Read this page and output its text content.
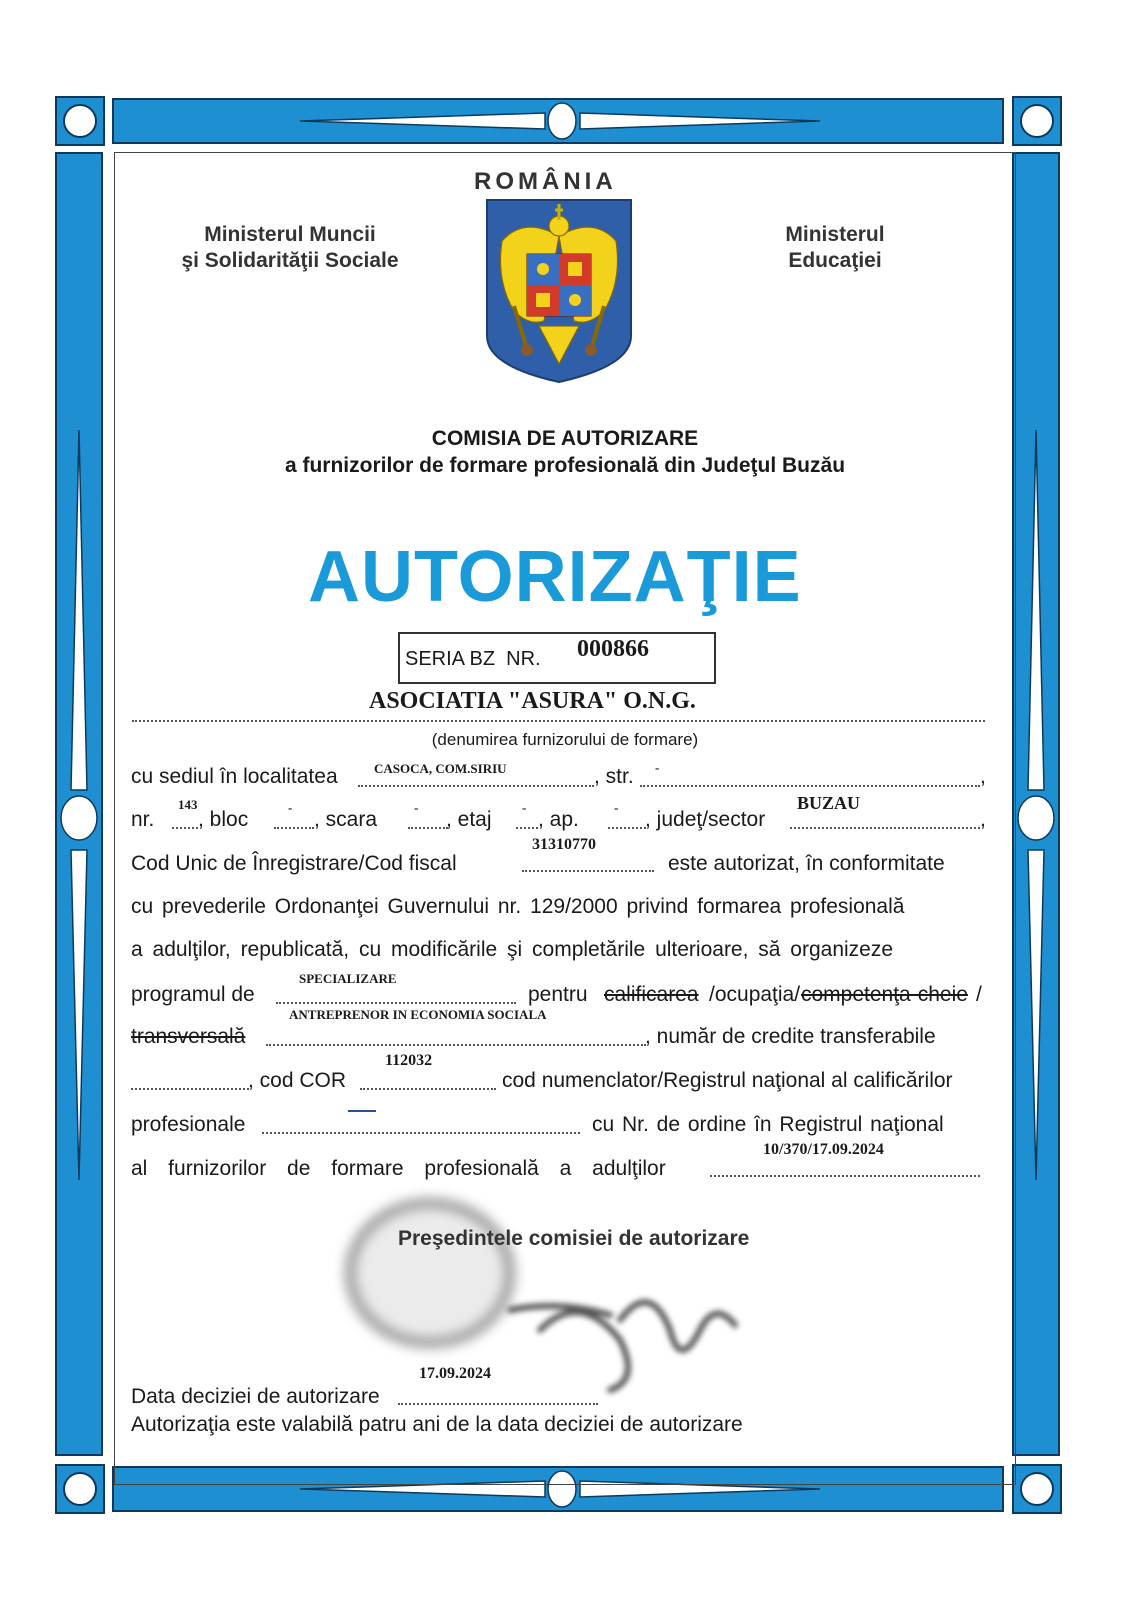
ROMÂNIA
Ministerul Muncii
şi Solidarităţii Sociale
Ministerul
Educaţiei
COMISIA DE AUTORIZARE
a furnizorilor de formare profesională din Judeţul Buzău
AUTORIZAŢIE
SERIA BZ  NR. 000866
ASOCIATIA "ASURA" O.N.G.
(denumirea furnizorului de formare)
cu sediul în localitatea	CASOCA, COM.SIRIU	, str. -	,
nr.
143
, bloc
-
, scara
-
, etaj
-
, ap.
-
, judeţ/sector
BUZAU
,
Cod Unic de Înregistrare/Cod fiscal
31310770
este autorizat, în conformitate
cu prevederile Ordonanţei Guvernului nr. 129/2000 privind formarea profesională
a adulţilor, republicată, cu modificările şi completările ulterioare, să organizeze
programul de
SPECIALIZARE
pentru calificarea /ocupaţia/ competenţa-cheie /
transversală
ANTREPRENOR IN ECONOMIA SOCIALA
, număr de credite transferabile
, cod COR
112032
cod numenclator/Registrul naţional al calificărilor
profesionale	cu Nr. de ordine în Registrul naţional
al furnizorilor de formare profesională a adulţilor
10/370/17.09.2024
Preşedintele comisiei de autorizare
Data deciziei de autorizare
17.09.2024
Autorizaţia este valabilă patru ani de la data deciziei de autorizare
